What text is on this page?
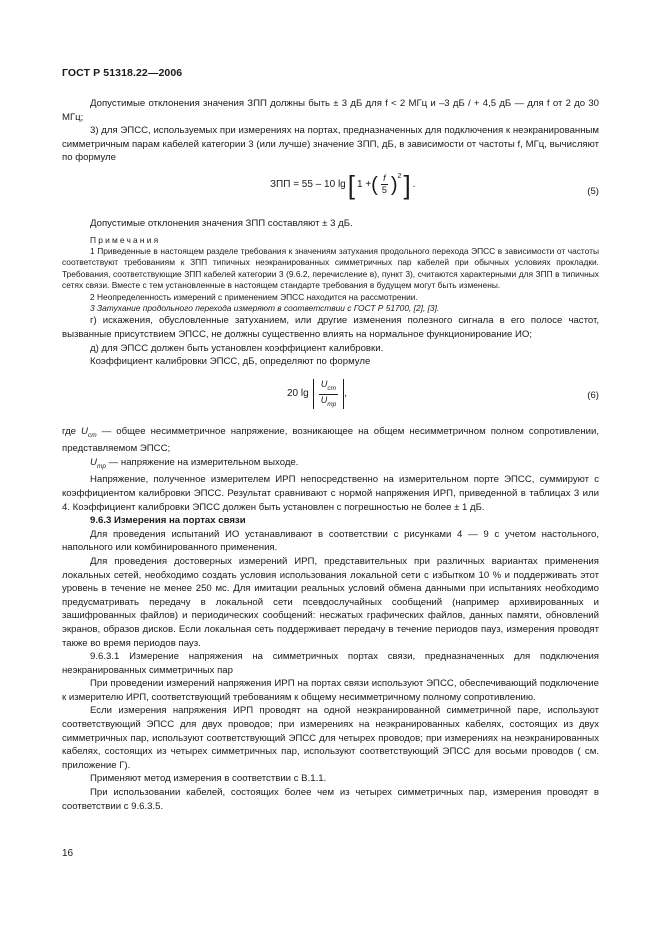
ГОСТ Р 51318.22—2006

Допустимые отклонения значения ЗПП должны быть ± 3 дБ для f < 2 МГц и –3 дБ / + 4,5 дБ — для f от 2 до 30 МГц;

3) для ЭПСС, используемых при измерениях на портах, предназначенных для подключения к неэкранированным симметричным парам кабелей категории 3 (или лучше) значение ЗПП, дБ, в зависимости от частоты f, МГц, вычисляют по формуле

ЗПП = 55 – 10 lg [ 1 + ( $\frac{f}{5}$ ) 2 ] .
(5)

Допустимые отклонения значения ЗПП составляют ± 3 дБ.

Примечания

1 Приведенные в настоящем разделе требования к значениям затухания продольного перехода ЭПСС в зависимости от частоты соответствуют требованиям к ЗПП типичных неэкранированных симметричных пар кабелей при обычных условиях прокладки. Требования, соответствующие ЗПП кабелей категории 3 (9.6.2, перечисление в), пункт 3), считаются характерными для ЗПП в типичных сетях связи. Вместе с тем установленные в настоящем стандарте требования в будущем могут быть изменены.

2 Неопределенность измерений с применением ЭПСС находится на рассмотрении.

3 Затухание продольного перехода измеряют в соответствии с ГОСТ Р 51700, [2], [3].

г) искажения, обусловленные затуханием, или другие изменения полезного сигнала в его полосе частот, вызванные присутствием ЭПСС, не должны существенно влиять на нормальное функционирование ИО;

д) для ЭПСС должен быть установлен коэффициент калибровки.

Коэффициент калибровки ЭПСС, дБ, определяют по формуле

20 $\lg \frac{U_{cm}}{U_{mp}}$ ,	(6)

где $U_{cm}$ — общее несимметричное напряжение, возникающее на общем несимметричном полном сопротивлении, представляемом ЭПСС;

$U_{mp}$ — напряжение на измерительном выходе.

Напряжение, полученное измерителем ИРП непосредственно на измерительном порте ЭПСС, суммируют с коэффициентом калибровки ЭПСС. Результат сравнивают с нормой напряжения ИРП, приведенной в таблицах 3 или 4. Коэффициент калибровки ЭПСС должен быть установлен с погрешностью не более ± 1 дБ.

9.6.3 Измерения на портах связи

Для проведения испытаний ИО устанавливают в соответствии с рисунками 4 — 9 с учетом настольного, напольного или комбинированного применения.

Для проведения достоверных измерений ИРП, представительных при различных вариантах применения локальных сетей, необходимо создать условия использования локальной сети с избытком 10 % и поддерживать этот уровень в течение не менее 250 мс. Для имитации реальных условий обмена данными при испытаниях необходимо предусматривать передачу в локальной сети псевдослучайных сообщений (например архивированных и зашифрованных файлов) и периодических сообщений: несжатых графических файлов, данных памяти, обновлений экранов, образов дисков. Если локальная сеть поддерживает передачу в течение периодов пауз, измерения проводят также во время периодов пауз.

9.6.3.1 Измерение напряжения на симметричных портах связи, предназначенных для подключения неэкранированных симметричных пар

При проведении измерений напряжения ИРП на портах связи используют ЭПСС, обеспечивающий подключение к измерителю ИРП, соответствующий требованиям к общему несимметричному полному сопротивлению.

Если измерения напряжения ИРП проводят на одной неэкранированной симметричной паре, используют соответствующий ЭПСС для двух проводов; при измерениях на неэкранированных кабелях, состоящих из двух симметричных пар, используют соответствующий ЭПСС для четырех проводов; при измерениях на неэкранированных кабелях, состоящих из четырех симметричных пар, используют соответствующий ЭПСС для восьми проводов ( см. приложение Г).

Применяют метод измерения в соответствии с В.1.1.

При использовании кабелей, состоящих более чем из четырех симметричных пар, измерения проводят в соответствии с 9.6.3.5.

16
